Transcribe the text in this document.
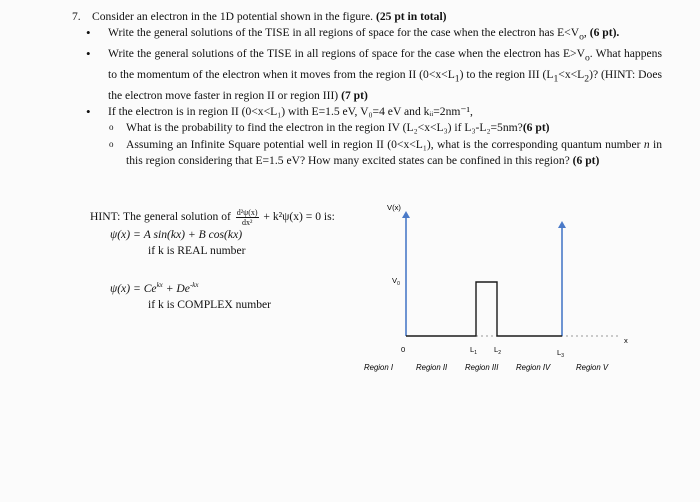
7. Consider an electron in the 1D potential shown in the figure. (25 pt in total)
• Write the general solutions of the TISE in all regions of space for the case when the electron has $E<V_o$, (6 pt).
• Write the general solutions of the TISE in all regions of space for the case when the electron has $E>V_o$. What happens to the momentum of the electron when it moves from the region II $(0<x<L_1)$ to the region III $(L_1<x<L_2)$? (HINT: Does the electron move faster in region II or region III) (7 pt)
• If the electron is in region II (0<x<L₁) with E=1.5 eV, V₀=4 eV and kᵢᵢ=2nm⁻¹,
o What is the probability to find the electron in the region IV (L₂<x<L₃) if L₃-L₂=5nm?(6 pt)
o Assuming an Infinite Square potential well in region II (0<x<L₁), what is the corresponding quantum number n in this region considering that E=1.5 eV? How many excited states can be confined in this region? (6 pt)
HINT: The general solution of $\frac{\text{d²ψ(x)}}{\text{dx²}} + k^2\psi(x) = 0$ is:
ψ(x) = A sin(kx) + B cos(kx)
if k is REAL number
$\psi(x) = Ce^{kx} + De^{-kx}$
if k is COMPLEX number
V(x)
$V_0$
0
x
$L_1$ $L_2$	$L_3$
Region I	Region II Region III Region IV	Region V
